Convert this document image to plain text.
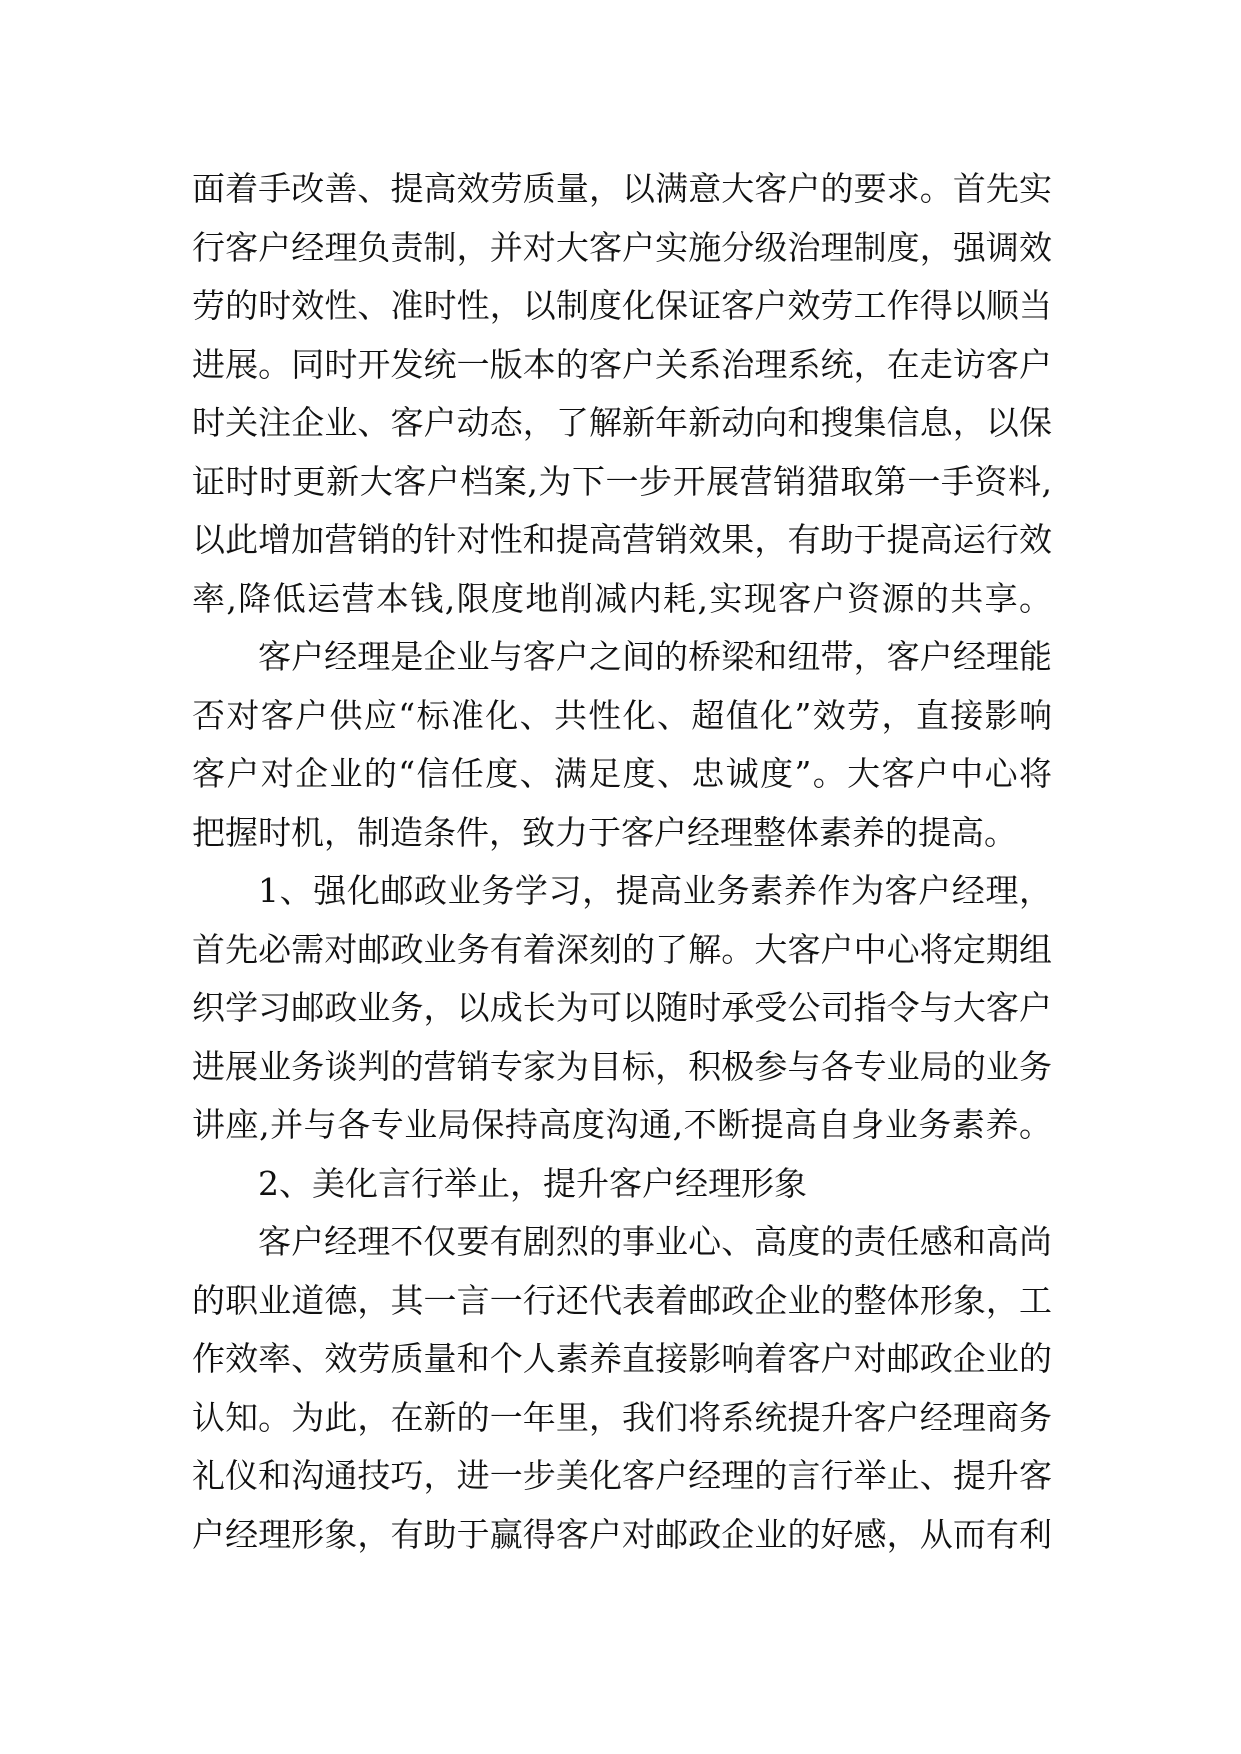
面着手改善、提高效劳质量，以满意大客户的要求。首先实
行客户经理负责制，并对大客户实施分级治理制度，强调效
劳的时效性、准时性，以制度化保证客户效劳工作得以顺当
进展。同时开发统一版本的客户关系治理系统，在走访客户
时关注企业、客户动态，了解新年新动向和搜集信息，以保
证时时更新大客户档案,为下一步开展营销猎取第一手资料,
以此增加营销的针对性和提高营销效果，有助于提高运行效
率,降低运营本钱,限度地削减内耗,实现客户资源的共享。
客户经理是企业与客户之间的桥梁和纽带，客户经理能
否对客户供应“标准化、共性化、超值化”效劳，直接影响
客户对企业的“信任度、满足度、忠诚度”。大客户中心将
把握时机，制造条件，致力于客户经理整体素养的提高。
1、强化邮政业务学习，提高业务素养作为客户经理，
首先必需对邮政业务有着深刻的了解。大客户中心将定期组
织学习邮政业务，以成长为可以随时承受公司指令与大客户
进展业务谈判的营销专家为目标，积极参与各专业局的业务
讲座,并与各专业局保持高度沟通,不断提高自身业务素养。
2、美化言行举止，提升客户经理形象
客户经理不仅要有剧烈的事业心、高度的责任感和高尚
的职业道德，其一言一行还代表着邮政企业的整体形象，工
作效率、效劳质量和个人素养直接影响着客户对邮政企业的
认知。为此，在新的一年里，我们将系统提升客户经理商务
礼仪和沟通技巧，进一步美化客户经理的言行举止、提升客
户经理形象，有助于赢得客户对邮政企业的好感，从而有利
